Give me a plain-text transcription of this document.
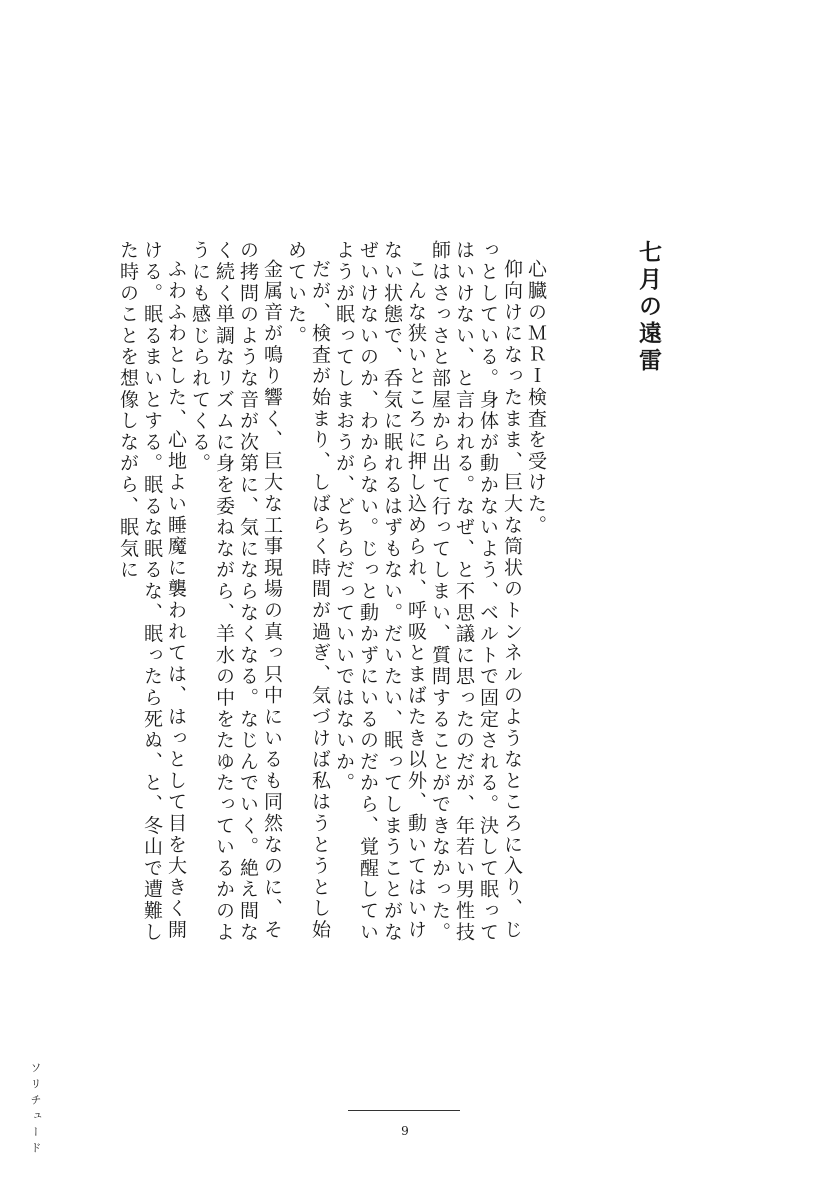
七月の遠雷

心臓のＭＲＩ検査を受けた。

仰向けになったまま、巨大な筒状のトンネルのようなところに入り、じっとしている。身体が動かないよう、ベルトで固定される。決して眠ってはいけない、と言われる。なぜ、と不思議に思ったのだが、年若い男性技師はさっさと部屋から出て行ってしまい、質問することができなかった。

こんな狭いところに押し込められ、呼吸とまばたき以外、動いてはいけない状態で、呑気に眠れるはずもない。だいたい、眠ってしまうことがなぜいけないのか、わからない。じっと動かずにいるのだから、覚醒していようが眠ってしまおうが、どちらだっていいではないか。

だが、検査が始まり、しばらく時間が過ぎ、気づけば私はうとうとし始めていた。

金属音が鳴り響く、巨大な工事現場の真っ只中にいるも同然なのに、その拷問のような音が次第に、気にならなくなる。なじんでいく。絶え間なく続く単調なリズムに身を委ねながら、羊水の中をたゆたっているかのようにも感じられてくる。

ふわふわとした、心地よい睡魔に襲われては、はっとして目を大きく開ける。眠るまいとする。眠るな眠るな、眠ったら死ぬ、と、冬山で遭難した時のことを想像しながら、眠気に

ソリチュード	9
